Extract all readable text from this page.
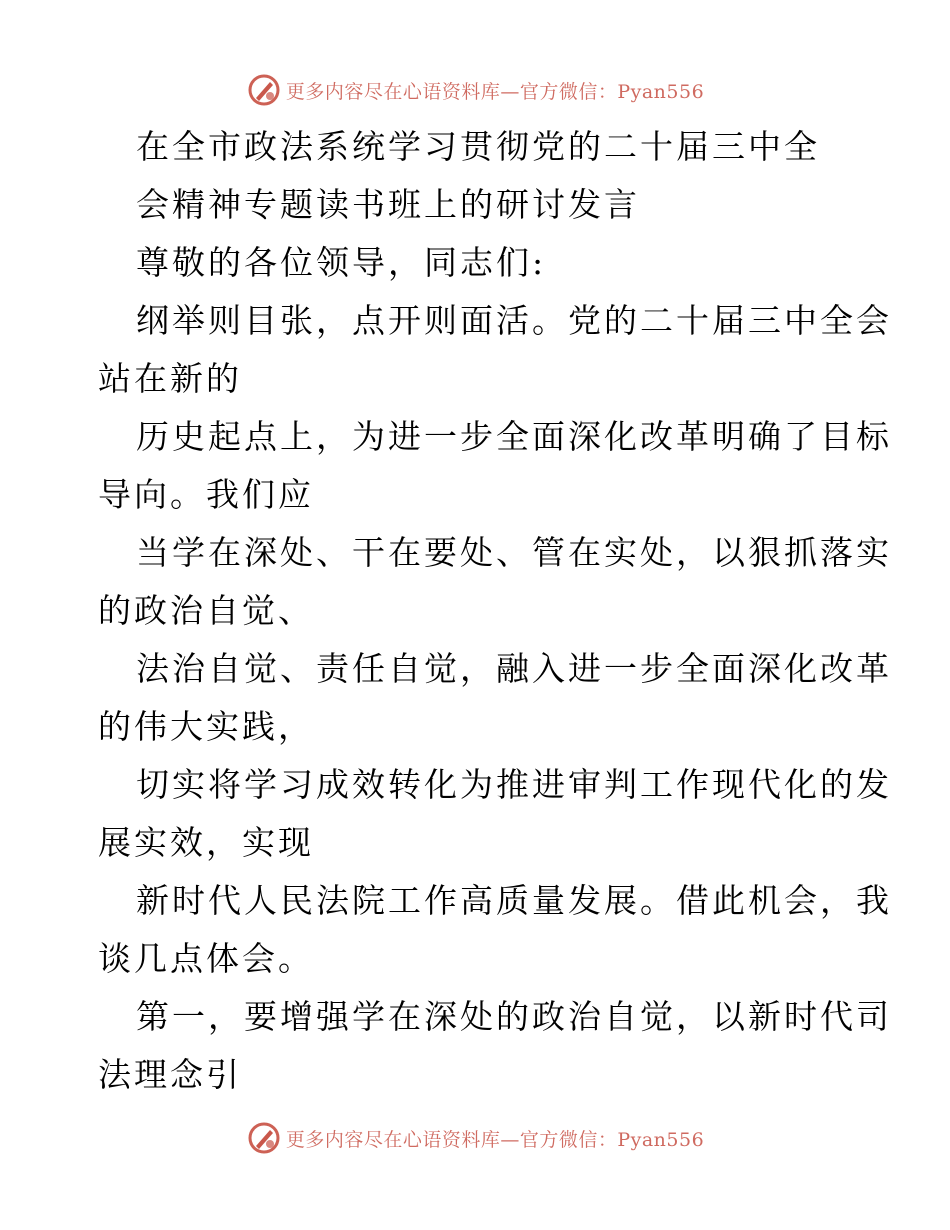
更多内容尽在心语资料库—官方微信：Pyan556
在全市政法系统学习贯彻党的二十届三中全
会精神专题读书班上的研讨发言
尊敬的各位领导，同志们:
纲举则目张，点开则面活。党的二十届三中全会
站在新的
历史起点上，为进一步全面深化改革明确了目标
导向。我们应
当学在深处、干在要处、管在实处，以狠抓落实
的政治自觉、
法治自觉、责任自觉，融入进一步全面深化改革
的伟大实践，
切实将学习成效转化为推进审判工作现代化的发
展实效，实现
新时代人民法院工作高质量发展。借此机会，我
谈几点体会。
第一，要增强学在深处的政治自觉，以新时代司
法理念引
更多内容尽在心语资料库—官方微信：Pyan556
